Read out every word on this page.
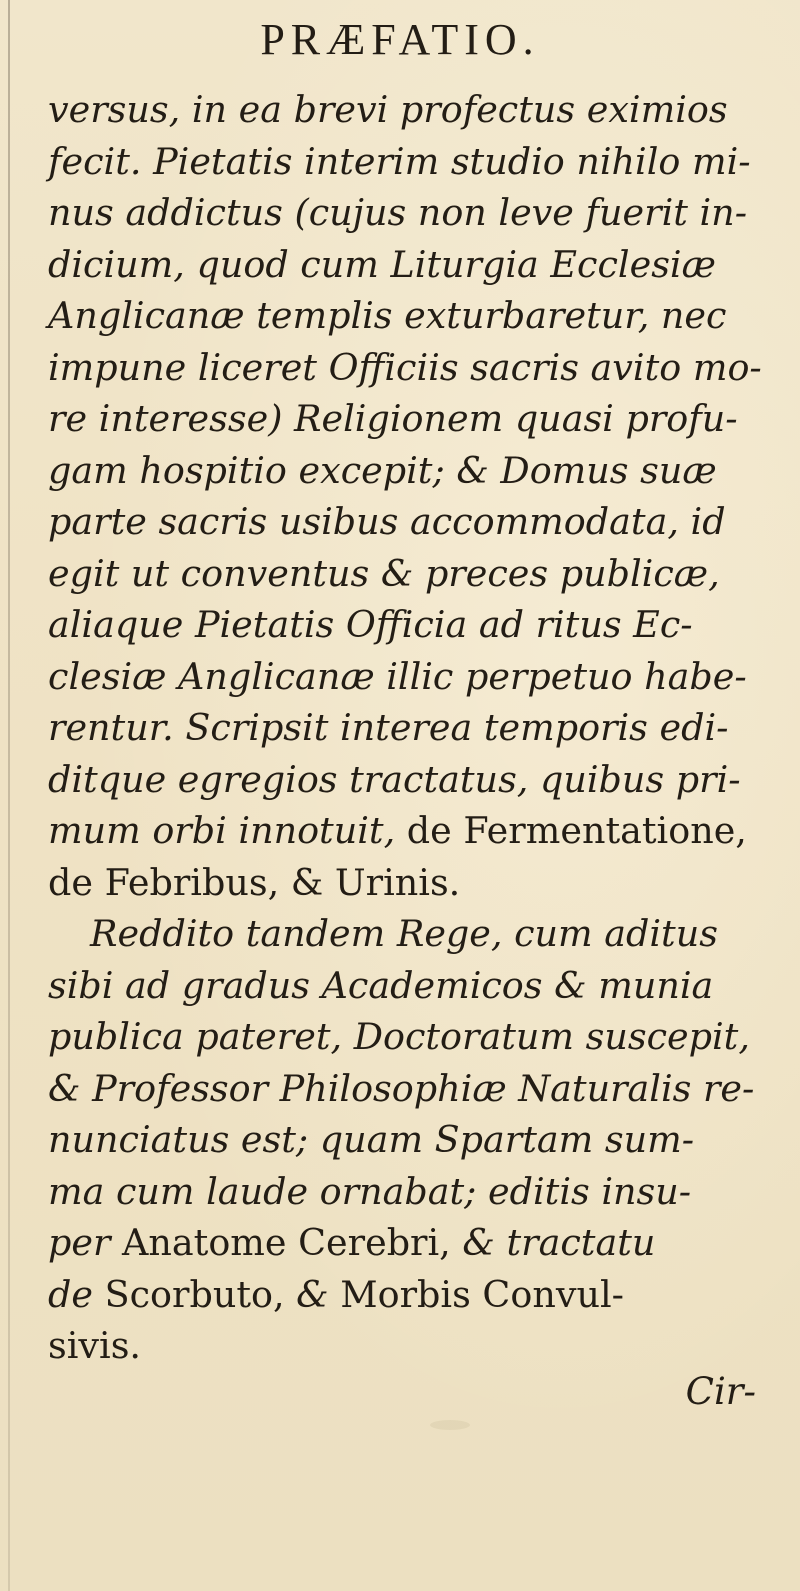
PRÆFATIO.
versus, in ea brevi profectus eximios
fecit. Pietatis interim studio nihilo mi-
nus addictus (cujus non leve fuerit in-
dicium, quod cum Liturgia Ecclesiæ
Anglicanæ templis exturbaretur, nec
impune liceret Officiis sacris avito mo-
re interesse) Religionem quasi profu-
gam hospitio excepit; & Domus suæ
parte sacris usibus accommodata, id
egit ut conventus & preces publicæ,
aliaque Pietatis Officia ad ritus Ec-
clesiæ Anglicanæ illic perpetuo habe-
rentur. Scripsit interea temporis edi-
ditque egregios tractatus, quibus pri-
mum orbi innotuit, de Fermentatione,
de Febribus, & Urinis.
Reddito tandem Rege, cum aditus
sibi ad gradus Academicos & munia
publica pateret, Doctoratum suscepit,
& Professor Philosophiæ Naturalis re-
nunciatus est; quam Spartam sum-
ma cum laude ornabat; editis insu-
per Anatome Cerebri, & tractatu
de Scorbuto, & Morbis Convul-
sivis.
Cir-
